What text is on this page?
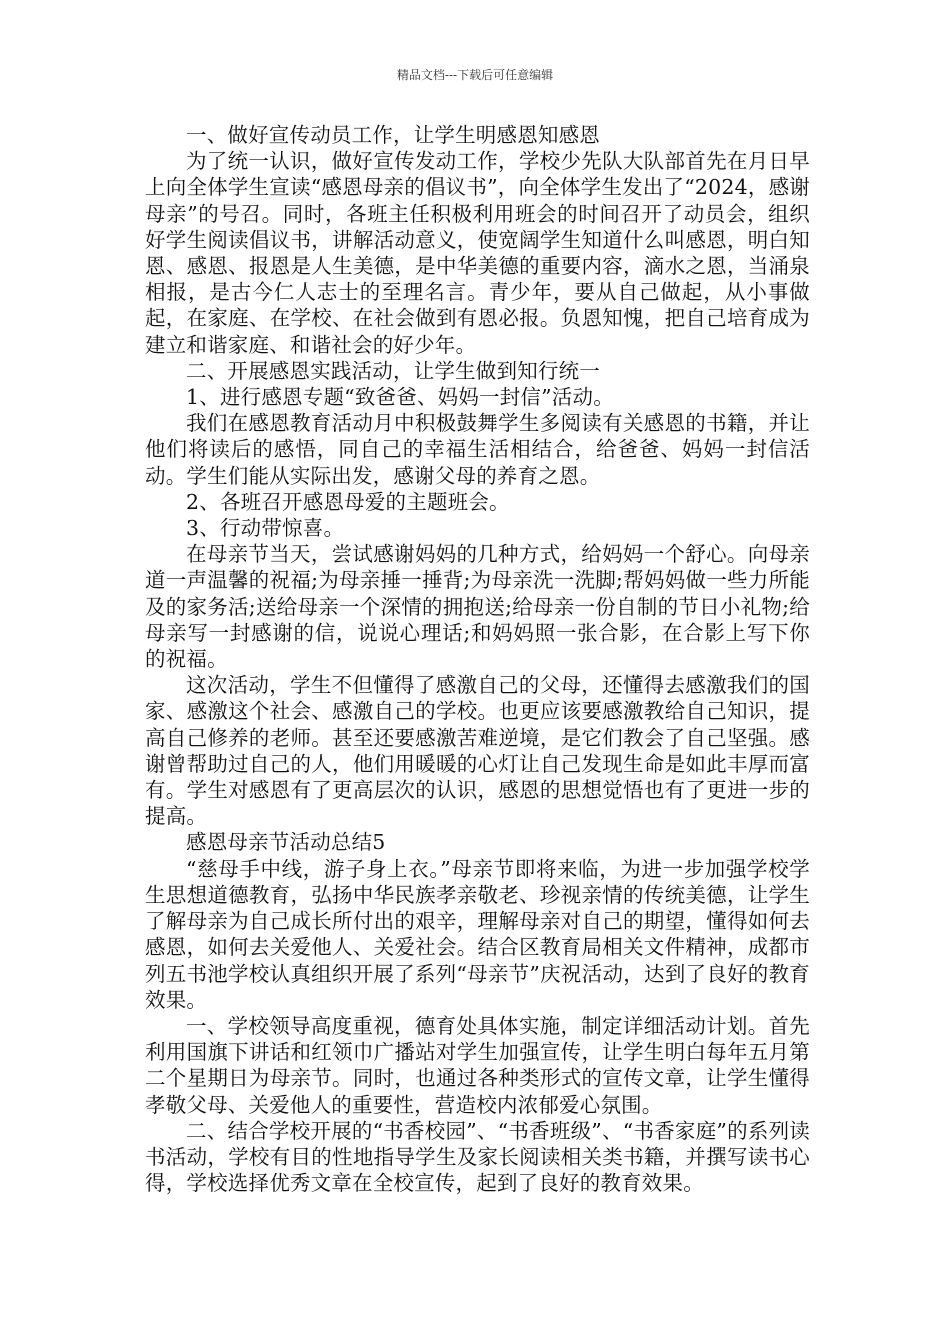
精品文档---下载后可任意编辑

一、做好宣传动员工作，让学生明感恩知感恩

为了统一认识，做好宣传发动工作，学校少先队大队部首先在月日早上向全体学生宣读“感恩母亲的倡议书”，向全体学生发出了“2024，感谢母亲”的号召。同时，各班主任积极利用班会的时间召开了动员会，组织好学生阅读倡议书，讲解活动意义，使宽阔学生知道什么叫感恩，明白知恩、感恩、报恩是人生美德，是中华美德的重要内容，滴水之恩，当涌泉相报，是古今仁人志士的至理名言。青少年，要从自己做起，从小事做起，在家庭、在学校、在社会做到有恩必报。负恩知愧，把自己培育成为建立和谐家庭、和谐社会的好少年。

二、开展感恩实践活动，让学生做到知行统一

1、进行感恩专题“致爸爸、妈妈一封信”活动。

我们在感恩教育活动月中积极鼓舞学生多阅读有关感恩的书籍，并让他们将读后的感悟，同自己的幸福生活相结合，给爸爸、妈妈一封信活动。学生们能从实际出发，感谢父母的养育之恩。

2、各班召开感恩母爱的主题班会。

3、行动带惊喜。

在母亲节当天，尝试感谢妈妈的几种方式，给妈妈一个舒心。向母亲道一声温馨的祝福;为母亲捶一捶背;为母亲洗一洗脚;帮妈妈做一些力所能及的家务活;送给母亲一个深情的拥抱送;给母亲一份自制的节日小礼物;给母亲写一封感谢的信，说说心理话;和妈妈照一张合影，在合影上写下你的祝福。

这次活动，学生不但懂得了感激自己的父母，还懂得去感激我们的国家、感激这个社会、感激自己的学校。也更应该要感激教给自己知识，提高自己修养的老师。甚至还要感激苦难逆境，是它们教会了自己坚强。感谢曾帮助过自己的人，他们用暖暖的心灯让自己发现生命是如此丰厚而富有。学生对感恩有了更高层次的认识，感恩的思想觉悟也有了更进一步的提高。

感恩母亲节活动总结5

“慈母手中线，游子身上衣。”母亲节即将来临，为进一步加强学校学生思想道德教育，弘扬中华民族孝亲敬老、珍视亲情的传统美德，让学生了解母亲为自己成长所付出的艰辛，理解母亲对自己的期望，懂得如何去感恩，如何去关爱他人、关爱社会。结合区教育局相关文件精神，成都市列五书池学校认真组织开展了系列“母亲节”庆祝活动，达到了良好的教育效果。

一、学校领导高度重视，德育处具体实施，制定详细活动计划。首先利用国旗下讲话和红领巾广播站对学生加强宣传，让学生明白每年五月第二个星期日为母亲节。同时，也通过各种类形式的宣传文章，让学生懂得孝敬父母、关爱他人的重要性，营造校内浓郁爱心氛围。

二、结合学校开展的“书香校园”、“书香班级”、“书香家庭”的系列读书活动，学校有目的性地指导学生及家长阅读相关类书籍，并撰写读书心得，学校选择优秀文章在全校宣传，起到了良好的教育效果。
